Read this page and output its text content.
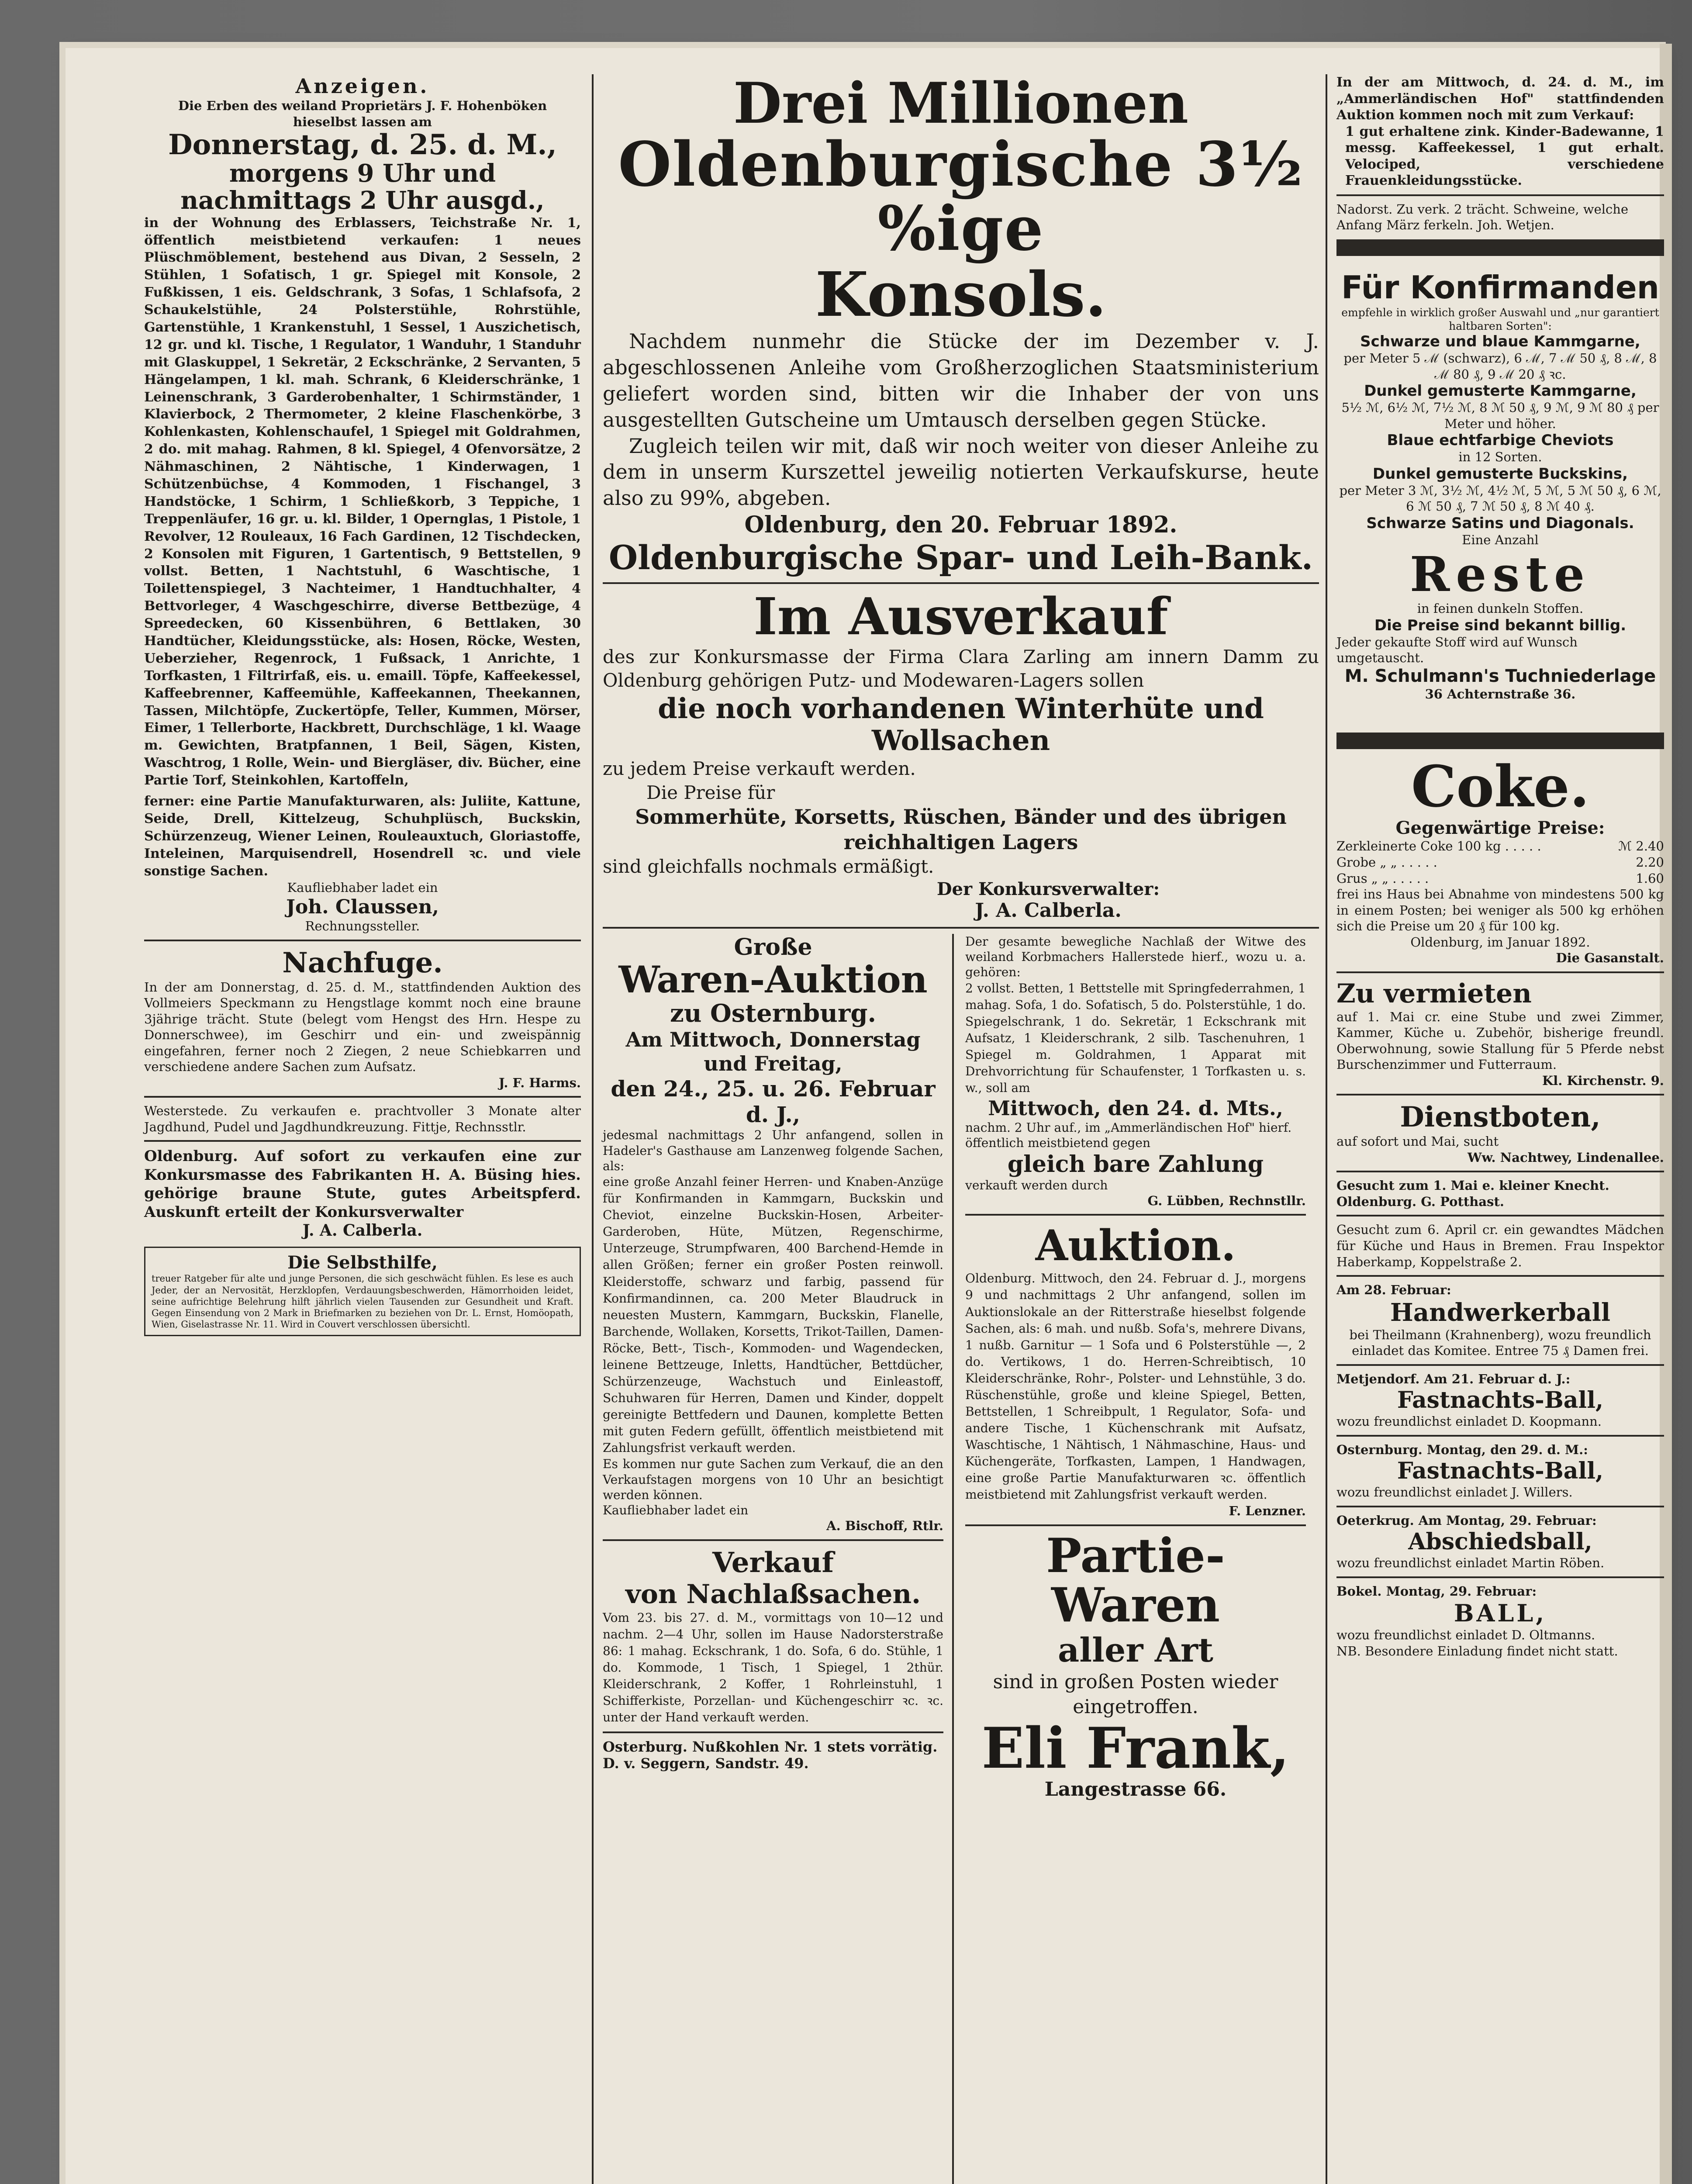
Anzeigen.
Die Erben des weiland Proprietärs J. F. Hohenböken hieselbst lassen am
Donnerstag, d. 25. d. M.,
morgens 9 Uhr und
nachmittags 2 Uhr ausgd.,

in der Wohnung des Erblassers, Teichstraße Nr. 1, öffentlich meistbietend verkaufen: 1 neues Plüschmöblement, bestehend aus Divan, 2 Sesseln, 2 Stühlen, 1 Sofatisch, 1 gr. Spiegel mit Konsole, 2 Fußkissen, 1 eis. Geldschrank, 3 Sofas, 1 Schlafsofa, 2 Schaukelstühle, 24 Polsterstühle, Rohrstühle, Gartenstühle, 1 Krankenstuhl, 1 Sessel, 1 Auszichetisch, 12 gr. und kl. Tische, 1 Regulator, 1 Wanduhr, 1 Standuhr mit Glaskuppel, 1 Sekretär, 2 Eckschränke, 2 Servanten, 5 Hängelampen, 1 kl. mah. Schrank, 6 Kleiderschränke, 1 Leinenschrank, 3 Garderobenhalter, 1 Schirmständer, 1 Klavierbock, 2 Thermometer, 2 kleine Flaschenkörbe, 3 Kohlenkasten, Kohlenschaufel, 1 Spiegel mit Goldrahmen, 2 do. mit mahag. Rahmen, 8 kl. Spiegel, 4 Ofenvorsätze, 2 Nähmaschinen, 2 Nähtische, 1 Kinderwagen, 1 Schützenbüchse, 4 Kommoden, 1 Fischangel, 3 Handstöcke, 1 Schirm, 1 Schließkorb, 3 Teppiche, 1 Treppenläufer, 16 gr. u. kl. Bilder, 1 Opernglas, 1 Pistole, 1 Revolver, 12 Rouleaux, 16 Fach Gardinen, 12 Tischdecken, 2 Konsolen mit Figuren, 1 Gartentisch, 9 Bettstellen, 9 vollst. Betten, 1 Nachtstuhl, 6 Waschtische, 1 Toilettenspiegel, 3 Nachteimer, 1 Handtuchhalter, 4 Bettvorleger, 4 Waschgeschirre, diverse Bettbezüge, 4 Spreedecken, 60 Kissenbühren, 6 Bettlaken, 30 Handtücher, Kleidungsstücke, als: Hosen, Röcke, Westen, Ueberzieher, Regenrock, 1 Fußsack, 1 Anrichte, 1 Torfkasten, 1 Filtrirfaß, eis. u. emaill. Töpfe, Kaffeekessel, Kaffeebrenner, Kaffeemühle, Kaffeekannen, Theekannen, Tassen, Milchtöpfe, Zuckertöpfe, Teller, Kummen, Mörser, Eimer, 1 Tellerborte, Hackbrett, Durchschläge, 1 kl. Waage m. Gewichten, Bratpfannen, 1 Beil, Sägen, Kisten, Waschtrog, 1 Rolle, Wein- und Biergläser, div. Bücher, eine Partie Torf, Steinkohlen, Kartoffeln,

ferner: eine Partie Manufakturwaren, als: Juliite, Kattune, Seide, Drell, Kittelzeug, Schuhplüsch, Buckskin, Schürzenzeug, Wiener Leinen, Rouleauxtuch, Gloriastoffe, Inteleinen, Marquisendrell, Hosendrell ꝛc. und viele sonstige Sachen.

Kaufliebhaber ladet ein

Joh. Claussen,
Rechnungssteller.
Nachfuge.

In der am Donnerstag, d. 25. d. M., stattfindenden Auktion des Vollmeiers Speckmann zu Hengstlage kommt noch eine braune 3jährige trächt. Stute (belegt vom Hengst des Hrn. Hespe zu Donnerschwee), im Geschirr und ein- und zweispännig eingefahren, ferner noch 2 Ziegen, 2 neue Schiebkarren und verschiedene andere Sachen zum Aufsatz.

J. F. Harms.

Westerstede. Zu verkaufen e. prachtvoller 3 Monate alter Jagdhund, Pudel und Jagdhundkreuzung. Fittje, Rechnsstlr.

Oldenburg. Auf sofort zu verkaufen eine zur Konkursmasse des Fabrikanten H. A. Büsing hies. gehörige braune Stute, gutes Arbeitspferd. Auskunft erteilt der Konkursverwalter

J. A. Calberla.
Die Selbsthilfe,

treuer Ratgeber für alte und junge Personen, die sich geschwächt fühlen. Es lese es auch Jeder, der an Nervosität, Herzklopfen, Verdauungsbeschwerden, Hämorrhoiden leidet, seine aufrichtige Belehrung hilft jährlich vielen Tausenden zur Gesundheit und Kraft. Gegen Einsendung von 2 Mark in Briefmarken zu beziehen von Dr. L. Ernst, Homöopath, Wien, Giselastrasse Nr. 11. Wird in Couvert verschlossen übersichtl.

Drei Millionen
Oldenburgische 3½ %ige
Konsols.

Nachdem nunmehr die Stücke der im Dezember v. J. abgeschlossenen Anleihe vom Großherzoglichen Staatsministerium geliefert worden sind, bitten wir die Inhaber der von uns ausgestellten Gutscheine um Umtausch derselben gegen Stücke.

Zugleich teilen wir mit, daß wir noch weiter von dieser Anleihe zu dem in unserm Kurszettel jeweilig notierten Verkaufskurse, heute also zu 99%, abgeben.

Oldenburg, den 20. Februar 1892.
Oldenburgische Spar- und Leih-Bank.
Im Ausverkauf

des zur Konkursmasse der Firma Clara Zarling am innern Damm zu Oldenburg gehörigen Putz- und Modewaren-Lagers sollen

die noch vorhandenen Winterhüte und Wollsachen

zu jedem Preise verkauft werden.

Die Preise für

Sommerhüte, Korsetts, Rüschen, Bänder und des übrigen reichhaltigen Lagers

sind gleichfalls nochmals ermäßigt.

Der Konkursverwalter:
J. A. Calberla.
Große
Waren-Auktion
zu Osternburg.
Am Mittwoch, Donnerstag und Freitag,
den 24., 25. u. 26. Februar d. J.,

jedesmal nachmittags 2 Uhr anfangend, sollen in Hadeler's Gasthause am Lanzenweg folgende Sachen, als:

eine große Anzahl feiner Herren- und Knaben-Anzüge für Konfirmanden in Kammgarn, Buckskin und Cheviot, einzelne Buckskin-Hosen, Arbeiter-Garderoben, Hüte, Mützen, Regenschirme, Unterzeuge, Strumpfwaren, 400 Barchend-Hemde in allen Größen; ferner ein großer Posten reinwoll. Kleiderstoffe, schwarz und farbig, passend für Konfirmandinnen, ca. 200 Meter Blaudruck in neuesten Mustern, Kammgarn, Buckskin, Flanelle, Barchende, Wollaken, Korsetts, Trikot-Taillen, Damen-Röcke, Bett-, Tisch-, Kommoden- und Wagendecken, leinene Bettzeuge, Inletts, Handtücher, Bettdücher, Schürzenzeuge, Wachstuch und Einleastoff, Schuhwaren für Herren, Damen und Kinder, doppelt gereinigte Bettfedern und Daunen, komplette Betten mit guten Federn gefüllt, öffentlich meistbietend mit Zahlungsfrist verkauft werden.

Es kommen nur gute Sachen zum Verkauf, die an den Verkaufstagen morgens von 10 Uhr an besichtigt werden können.

Kaufliebhaber ladet ein

A. Bischoff, Rtlr.
Verkauf
von Nachlaßsachen.

Vom 23. bis 27. d. M., vormittags von 10—12 und nachm. 2—4 Uhr, sollen im Hause Nadorsterstraße 86: 1 mahag. Eckschrank, 1 do. Sofa, 6 do. Stühle, 1 do. Kommode, 1 Tisch, 1 Spiegel, 1 2thür. Kleiderschrank, 2 Koffer, 1 Rohrleinstuhl, 1 Schifferkiste, Porzellan- und Küchengeschirr ꝛc. ꝛc. unter der Hand verkauft werden.

Osterburg. Nußkohlen Nr. 1 stets vorrätig. D. v. Seggern, Sandstr. 49.

Der gesamte bewegliche Nachlaß der Witwe des weiland Korbmachers Hallerstede hierf., wozu u. a. gehören:

2 vollst. Betten, 1 Bettstelle mit Springfederrahmen, 1 mahag. Sofa, 1 do. Sofatisch, 5 do. Polsterstühle, 1 do. Spiegelschrank, 1 do. Sekretär, 1 Eckschrank mit Aufsatz, 1 Kleiderschrank, 2 silb. Taschenuhren, 1 Spiegel m. Goldrahmen, 1 Apparat mit Drehvorrichtung für Schaufenster, 1 Torfkasten u. s. w., soll am

Mittwoch, den 24. d. Mts.,

nachm. 2 Uhr auf., im „Ammerländischen Hof" hierf. öffentlich meistbietend gegen

gleich bare Zahlung

verkauft werden durch

G. Lübben, Rechnstllr.
Auktion.

Oldenburg. Mittwoch, den 24. Februar d. J., morgens 9 und nachmittags 2 Uhr anfangend, sollen im Auktionslokale an der Ritterstraße hieselbst folgende Sachen, als: 6 mah. und nußb. Sofa's, mehrere Divans, 1 nußb. Garnitur — 1 Sofa und 6 Polsterstühle —, 2 do. Vertikows, 1 do. Herren-Schreibtisch, 10 Kleiderschränke, Rohr-, Polster- und Lehnstühle, 3 do. Rüschenstühle, große und kleine Spiegel, Betten, Bettstellen, 1 Schreibpult, 1 Regulator, Sofa- und andere Tische, 1 Küchenschrank mit Aufsatz, Waschtische, 1 Nähtisch, 1 Nähmaschine, Haus- und Küchengeräte, Torfkasten, Lampen, 1 Handwagen, eine große Partie Manufakturwaren ꝛc. öffentlich meistbietend mit Zahlungsfrist verkauft werden.

F. Lenzner.
Partie-Waren
aller Art

sind in großen Posten wieder eingetroffen.

Eli Frank,
Langestrasse 66.

In der am Mittwoch, d. 24. d. M., im „Ammerländischen Hof" stattfindenden Auktion kommen noch mit zum Verkauf:

1 gut erhaltene zink. Kinder-Badewanne, 1 messg. Kaffeekessel, 1 gut erhalt. Velociped, verschiedene Frauenkleidungsstücke.

Nadorst. Zu verk. 2 trächt. Schweine, welche Anfang März ferkeln. Joh. Wetjen.

Für Konfirmanden

empfehle in wirklich großer Auswahl und „nur garantiert haltbaren Sorten":

Schwarze und blaue Kammgarne,

per Meter 5 ℳ (schwarz), 6 ℳ, 7 ℳ 50 ₰, 8 ℳ, 8 ℳ 80 ₰, 9 ℳ 20 ₰ ꝛc.

Dunkel gemusterte Kammgarne,

5½ ℳ, 6½ ℳ, 7½ ℳ, 8 ℳ 50 ₰, 9 ℳ, 9 ℳ 80 ₰ per Meter und höher.

Blaue echtfarbige Cheviots

in 12 Sorten.

Dunkel gemusterte Buckskins,

per Meter 3 ℳ, 3½ ℳ, 4½ ℳ, 5 ℳ, 5 ℳ 50 ₰, 6 ℳ, 6 ℳ 50 ₰, 7 ℳ 50 ₰, 8 ℳ 40 ₰.

Schwarze Satins und Diagonals.

Eine Anzahl

Reste

in feinen dunkeln Stoffen.

Die Preise sind bekannt billig.

Jeder gekaufte Stoff wird auf Wunsch umgetauscht.

M. Schulmann's Tuchniederlage
36 Achternstraße 36.
Coke.
Gegenwärtige Preise:
Zerkleinerte Coke 100 kg . . . . .	ℳ 2.40
Grobe „ „ . . . . .	2.20
Grus „ „ . . . . .	1.60

frei ins Haus bei Abnahme von mindestens 500 kg in einem Posten; bei weniger als 500 kg erhöhen sich die Preise um 20 ₰ für 100 kg.

Oldenburg, im Januar 1892.

Die Gasanstalt.
Zu vermieten

auf 1. Mai cr. eine Stube und zwei Zimmer, Kammer, Küche u. Zubehör, bisherige freundl. Oberwohnung, sowie Stallung für 5 Pferde nebst Burschenzimmer und Futterraum.

Kl. Kirchenstr. 9.
Dienstboten,

auf sofort und Mai, sucht

Ww. Nachtwey, Lindenallee.

Gesucht zum 1. Mai e. kleiner Knecht. Oldenburg. G. Potthast.

Gesucht zum 6. April cr. ein gewandtes Mädchen für Küche und Haus in Bremen. Frau Inspektor Haberkamp, Koppelstraße 2.

Am 28. Februar:

Handwerkerball

bei Theilmann (Krahnenberg), wozu freundlich einladet das Komitee. Entree 75 ₰ Damen frei.

Metjendorf. Am 21. Februar d. J.:

Fastnachts-Ball,

wozu freundlichst einladet D. Koopmann.

Osternburg. Montag, den 29. d. M.:

Fastnachts-Ball,

wozu freundlichst einladet J. Willers.

Oeterkrug. Am Montag, 29. Februar:

Abschiedsball,

wozu freundlichst einladet Martin Röben.

Bokel. Montag, 29. Februar:

BALL,

wozu freundlichst einladet D. Oltmanns.

NB. Besondere Einladung findet nicht statt.
